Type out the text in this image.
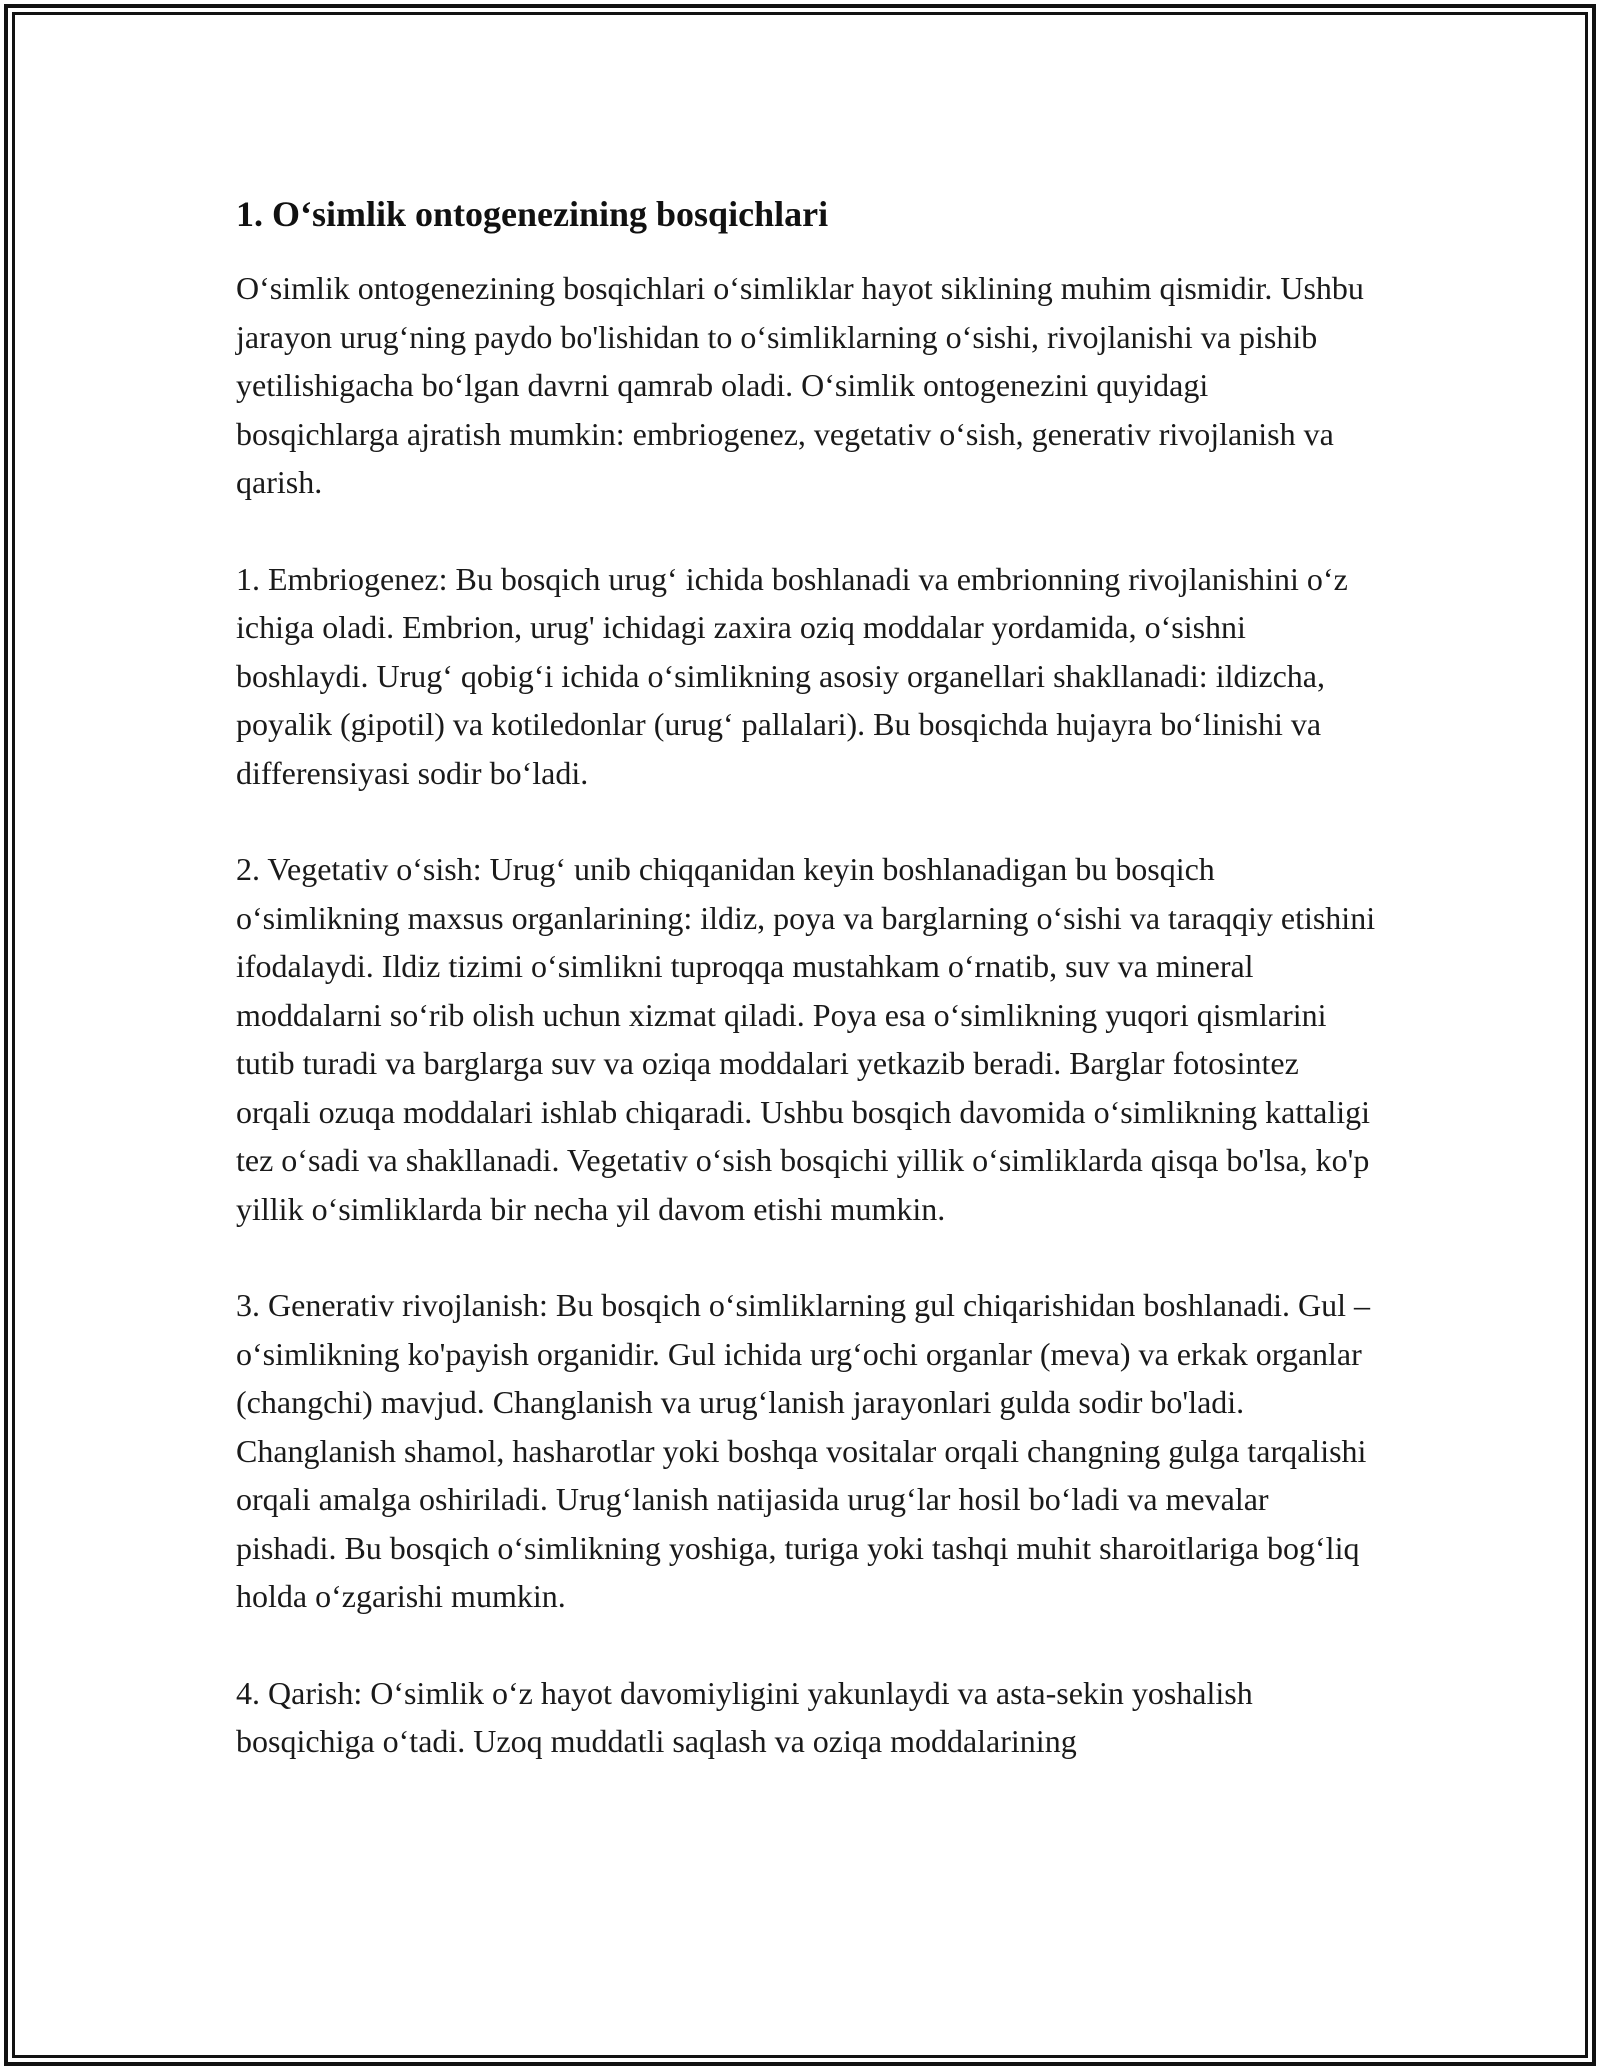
1. O‘simlik ontogenezining bosqichlari

O‘simlik ontogenezining bosqichlari o‘simliklar hayot siklining muhim qismidir. Ushbu jarayon urug‘ning paydo bo'lishidan to o‘simliklarning o‘sishi, rivojlanishi va pishib yetilishigacha bo‘lgan davrni qamrab oladi. O‘simlik ontogenezini quyidagi bosqichlarga ajratish mumkin: embriogenez, vegetativ o‘sish, generativ rivojlanish va qarish.

1. Embriogenez: Bu bosqich urug‘ ichida boshlanadi va embrionning rivojlanishini o‘z ichiga oladi. Embrion, urug' ichidagi zaxira oziq moddalar yordamida, o‘sishni boshlaydi. Urug‘ qobig‘i ichida o‘simlikning asosiy organellari shakllanadi: ildizcha, poyalik (gipotil) va kotiledonlar (urug‘ pallalari). Bu bosqichda hujayra bo‘linishi va differensiyasi sodir bo‘ladi.

2. Vegetativ o‘sish: Urug‘ unib chiqqanidan keyin boshlanadigan bu bosqich o‘simlikning maxsus organlarining: ildiz, poya va barglarning o‘sishi va taraqqiy etishini ifodalaydi. Ildiz tizimi o‘simlikni tuproqqa mustahkam o‘rnatib, suv va mineral moddalarni so‘rib olish uchun xizmat qiladi. Poya esa o‘simlikning yuqori qismlarini tutib turadi va barglarga suv va oziqa moddalari yetkazib beradi. Barglar fotosintez orqali ozuqa moddalari ishlab chiqaradi. Ushbu bosqich davomida o‘simlikning kattaligi tez o‘sadi va shakllanadi. Vegetativ o‘sish bosqichi yillik o‘simliklarda qisqa bo'lsa, ko'p yillik o‘simliklarda bir necha yil davom etishi mumkin.

3. Generativ rivojlanish: Bu bosqich o‘simliklarning gul chiqarishidan boshlanadi. Gul – o‘simlikning ko'payish organidir. Gul ichida urg‘ochi organlar (meva) va erkak organlar (changchi) mavjud. Changlanish va urug‘lanish jarayonlari gulda sodir bo'ladi. Changlanish shamol, hasharotlar yoki boshqa vositalar orqali changning gulga tarqalishi orqali amalga oshiriladi. Urug‘lanish natijasida urug‘lar hosil bo‘ladi va mevalar pishadi. Bu bosqich o‘simlikning yoshiga, turiga yoki tashqi muhit sharoitlariga bog‘liq holda o‘zgarishi mumkin.

4. Qarish: O‘simlik o‘z hayot davomiyligini yakunlaydi va asta-sekin yoshalish bosqichiga o‘tadi. Uzoq muddatli saqlash va oziqa moddalarining
